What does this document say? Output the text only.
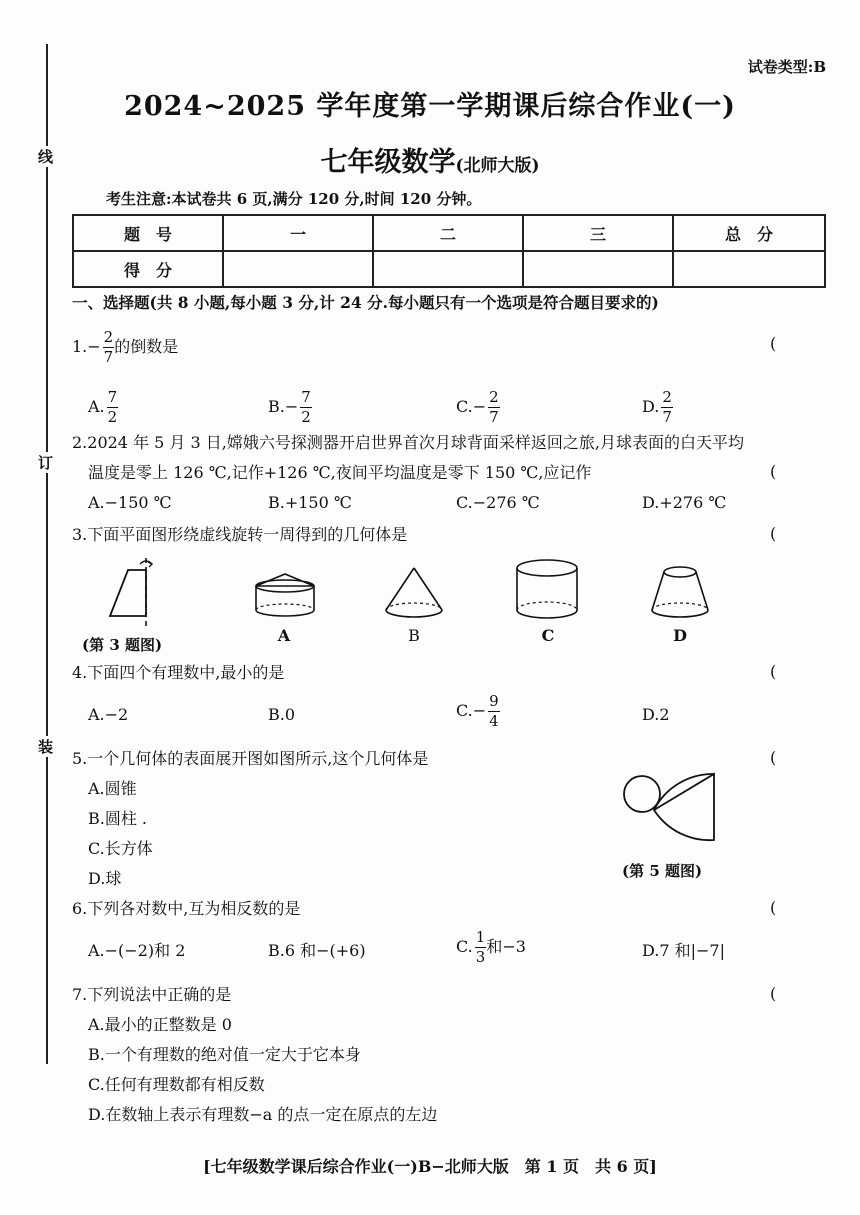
线
订
装
试卷类型:B
2024~2025 学年度第一学期课后综合作业(一)
七年级数学(北师大版)
考生注意:本试卷共 6 页,满分 120 分,时间 120 分钟。
题　号	一	二	三	总　分
得　分				
一、选择题(共 8 小题,每小题 3 分,计 24 分.每小题只有一个选项是符合题目要求的)
$1.- \frac{2}{7}$ 的倒数是	(
A. $\frac{7}{2}$	$B.- \frac{7}{2}$	$C.- \frac{2}{7}$	D. $\frac{2}{7}$
2.2024 年 5 月 3 日,嫦娥六号探测器开启世界首次月球背面采样返回之旅,月球表面的白天平均
温度是零上 126 ℃,记作+126 ℃,夜间平均温度是零下 150 ℃,应记作	(
A.−150 ℃	B.+150 ℃	C.−276 ℃	D.+276 ℃
3.下面平面图形绕虚线旋转一周得到的几何体是	(
(第 3 题图)	A	B	C	D
4.下面四个有理数中,最小的是	(
A.−2	B.0	$C.- \frac{9}{4}$	D.2
5.一个几何体的表面展开图如图所示,这个几何体是	(
A.圆锥
B.圆柱 .
C.长方体
D.球	(第 5 题图)
6.下列各对数中,互为相反数的是	(
A.−(−2)和 2	B.6 和−(+6)	C. $\frac{1}{3}$ 和−3	D.7 和|−7|
7.下列说法中正确的是	(
A.最小的正整数是 0
B.一个有理数的绝对值一定大于它本身
C.任何有理数都有相反数
D.在数轴上表示有理数−a 的点一定在原点的左边
[七年级数学课后综合作业(一)B−北师大版　第 1 页　共 6 页]
